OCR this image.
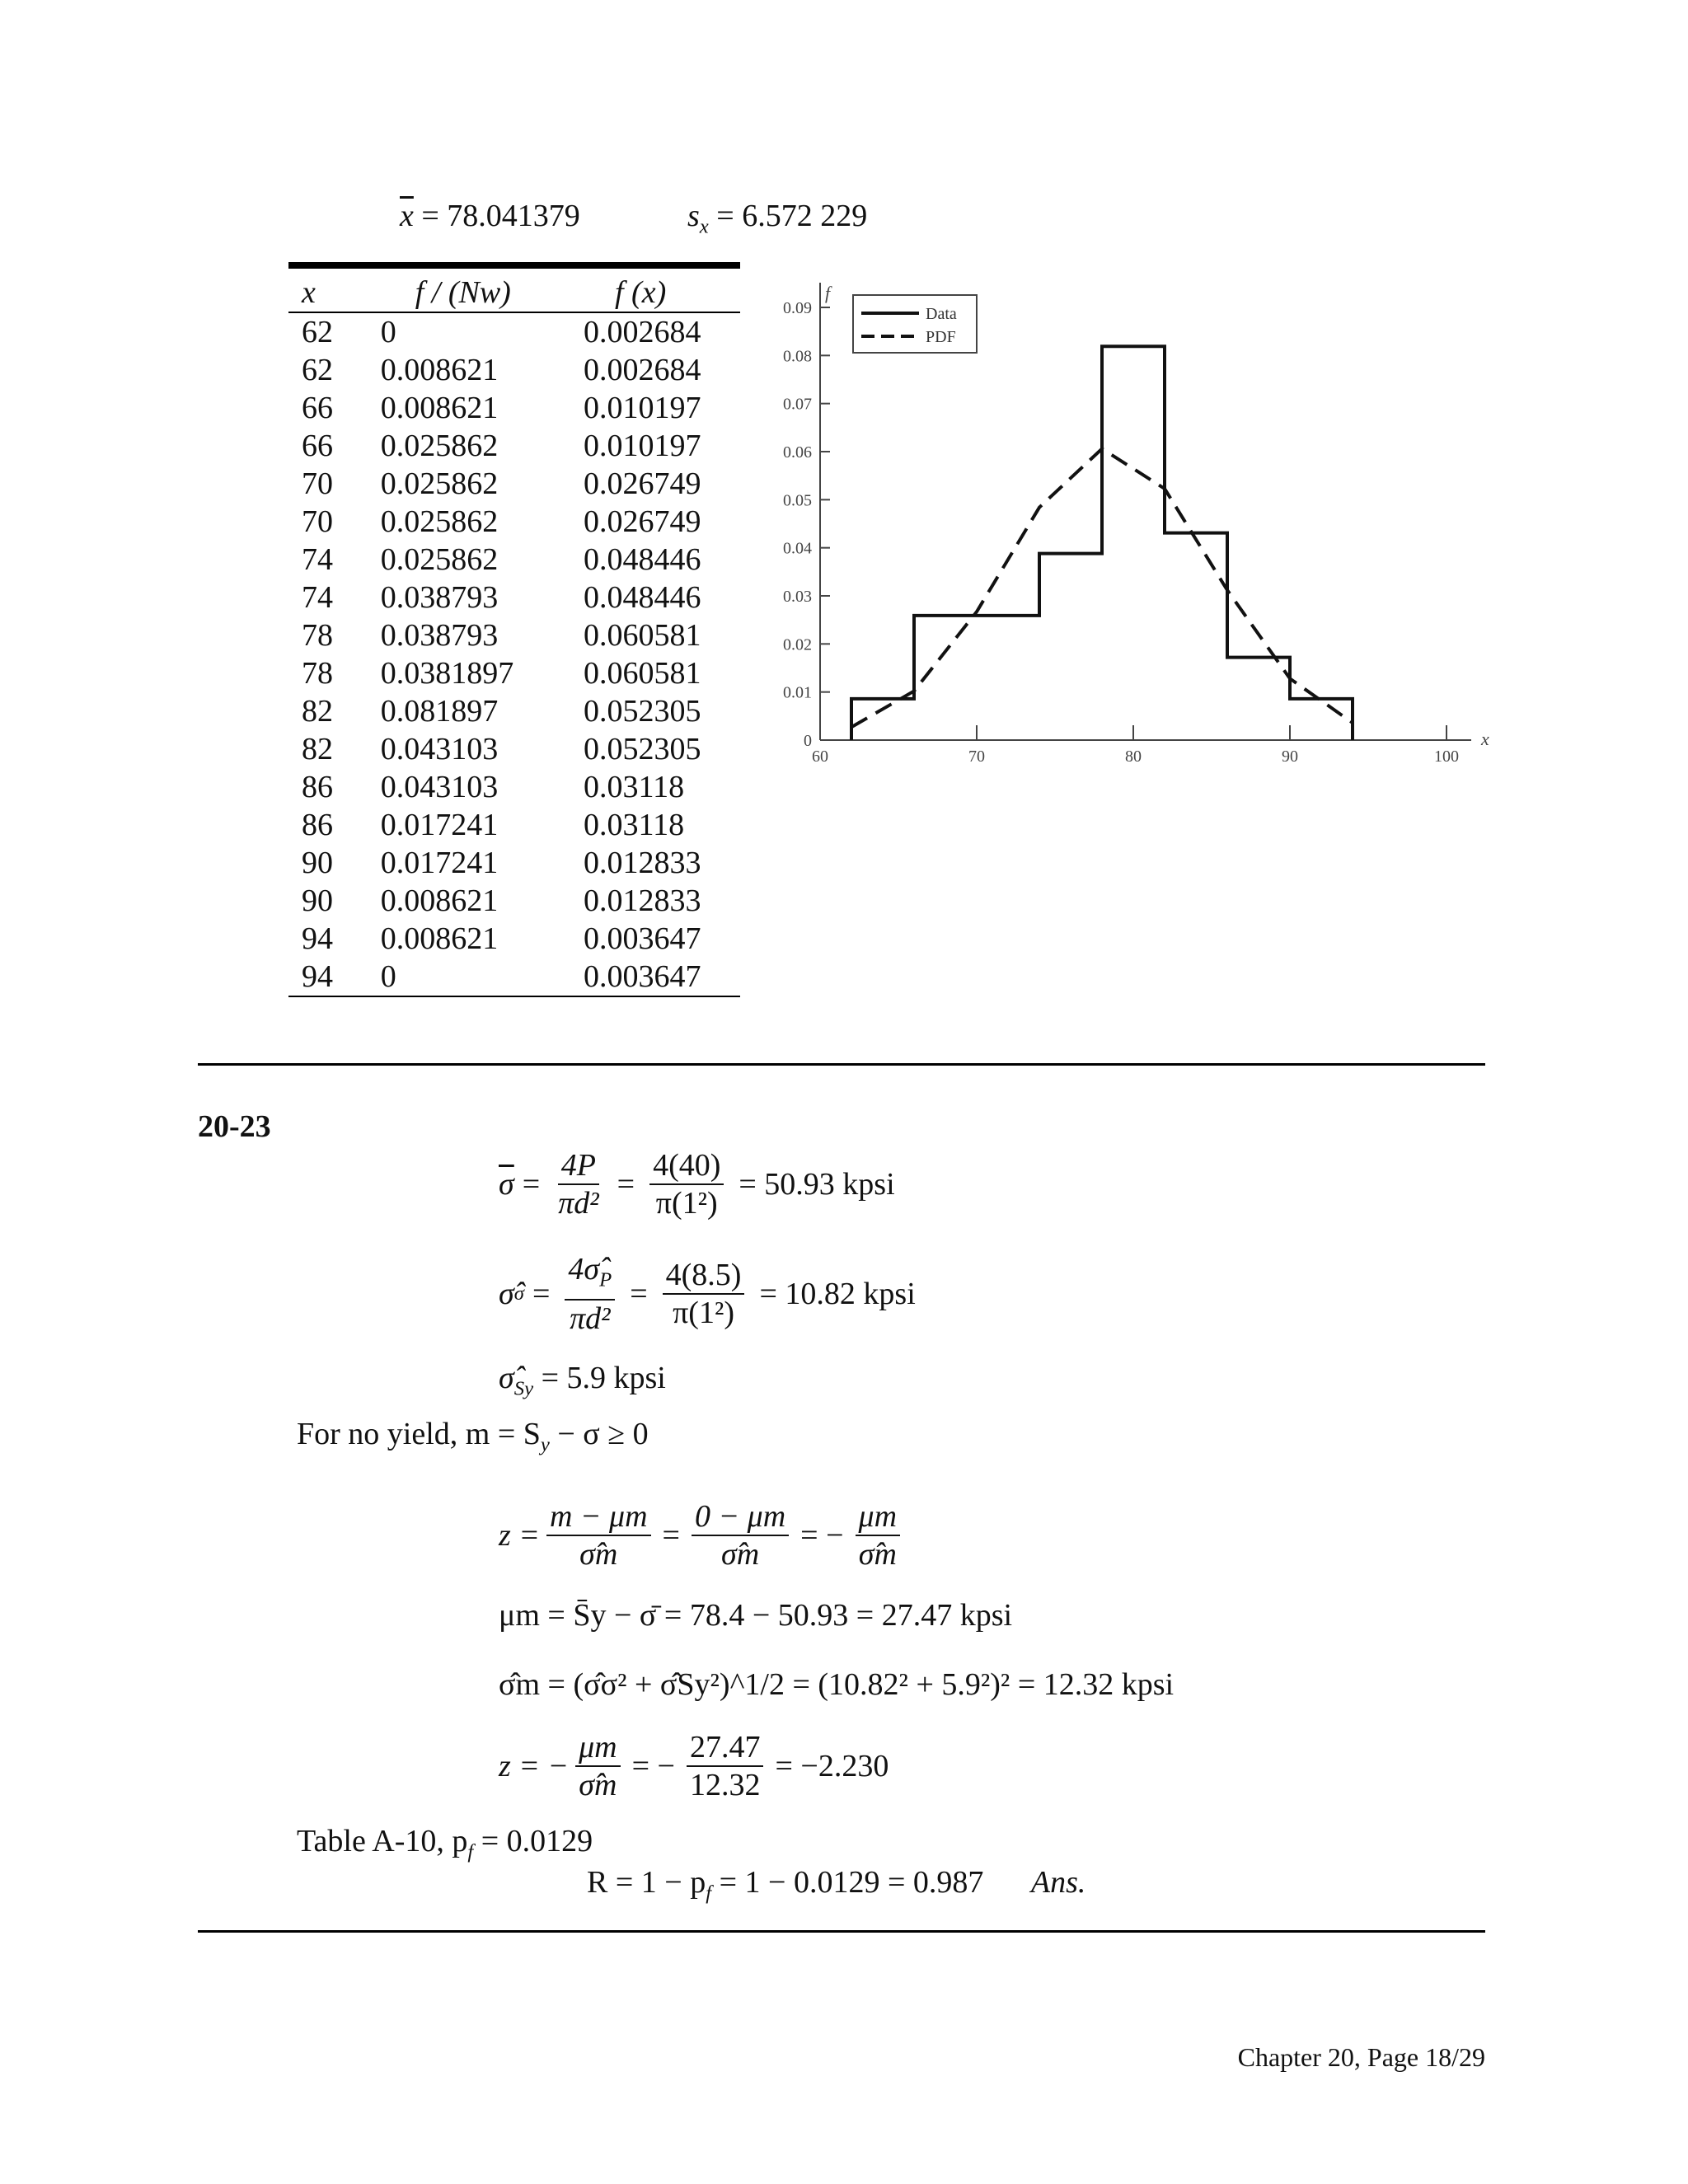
$\overline{x} = 78.041379$	$s_x = 6.572$ 229
x	f / (Nw)	f (x)
62	0	0.002684
62	0.008621	0.002684
66	0.008621	0.010197
66	0.025862	0.010197
70	0.025862	0.026749
70	0.025862	0.026749
74	0.025862	0.048446
74	0.038793	0.048446
78	0.038793	0.060581
78	0.0381897	0.060581
82	0.081897	0.052305
82	0.043103	0.052305
86	0.043103	0.03118
86	0.017241	0.03118
90	0.017241	0.012833
90	0.008621	0.012833
94	0.008621	0.003647
94	0	0.003647
0
0.01
0.02
0.03
0.04
0.05
0.06
0.07
0.08
0.09
60	70	80	90	100
f
x
Data
PDF
20-23
$\overline{\sigma} = \frac{4P}{\text{πd²}} = \frac{4(40)}{\text{π(1²)}} = 50.93$ kpsi
σ̂ $\sigma = \frac{4\sigmâ_P}{\text{πd²}} = \frac{4(8.5)}{\text{π(1²)}} = 10.82$ kpsi
$\sigmâ_{Sy} = 5.9$ kpsi
For no yield, $m = S_y - \sigma \ge 0$
$z = \frac{m - \mu m}{\sigmâm} = \frac{0 - \mu m}{\sigmâm}$ = − $\frac{\mu m}{\sigmâm}$
μm = S̄y − σ̄ = 78.4 − 50.93 = 27.47 kpsi
σ̂m = (σ̂σ² + σ̂Sy²)^1/2 = (10.82² + 5.9²)² = 12.32 kpsi
z = − $\frac{\mu m}{\sigmâm}$ = − $\frac{27.47}{12.32} = -2.230$
Table A-10, $p_f = 0.0129$
$R = 1 - p_f = 1 - 0.0129 = 0.987$ Ans.
Chapter 20, Page 18/29
